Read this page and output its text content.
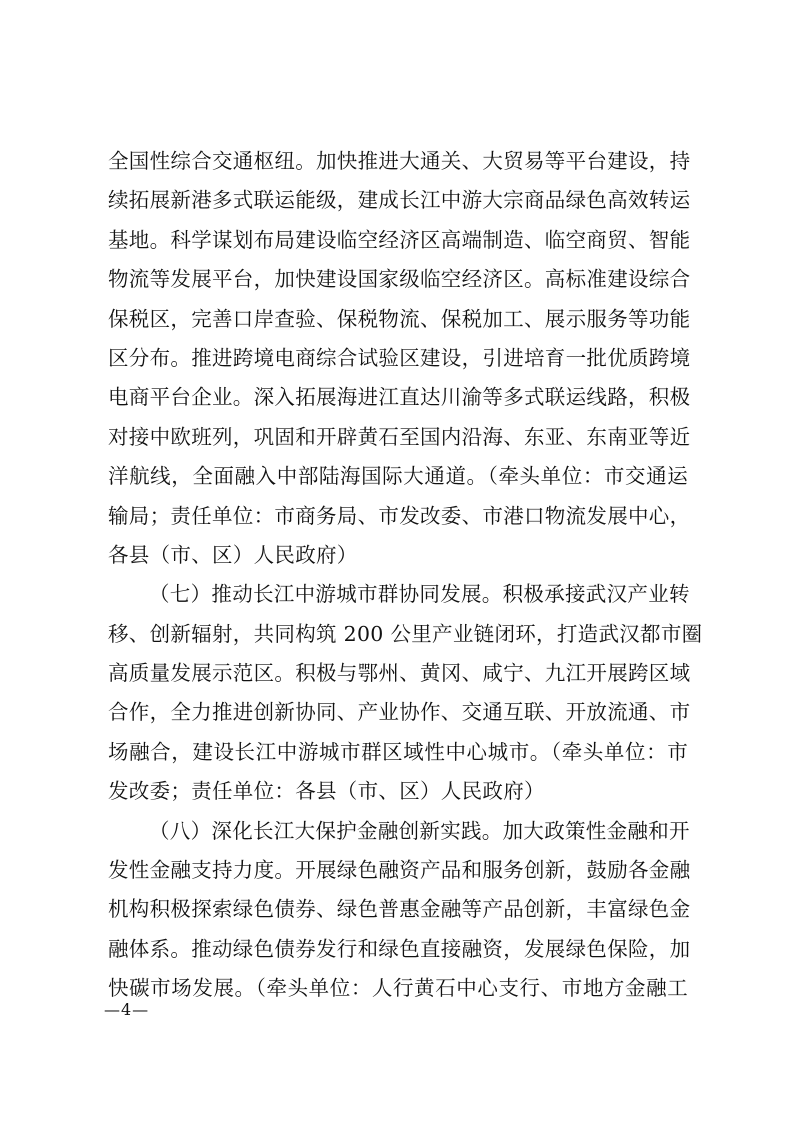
全国性综合交通枢纽。加快推进大通关、大贸易等平台建设，持
续拓展新港多式联运能级，建成长江中游大宗商品绿色高效转运
基地。科学谋划布局建设临空经济区高端制造、临空商贸、智能
物流等发展平台，加快建设国家级临空经济区。高标准建设综合
保税区，完善口岸查验、保税物流、保税加工、展示服务等功能
区分布。推进跨境电商综合试验区建设，引进培育一批优质跨境
电商平台企业。深入拓展海进江直达川渝等多式联运线路，积极
对接中欧班列，巩固和开辟黄石至国内沿海、东亚、东南亚等近
洋航线，全面融入中部陆海国际大通道。（牵头单位：市交通运
输局；责任单位：市商务局、市发改委、市港口物流发展中心，
各县（市、区）人民政府）
（七）推动长江中游城市群协同发展。积极承接武汉产业转
移、创新辐射，共同构筑 200 公里产业链闭环，打造武汉都市圈
高质量发展示范区。积极与鄂州、黄冈、咸宁、九江开展跨区域
合作，全力推进创新协同、产业协作、交通互联、开放流通、市
场融合，建设长江中游城市群区域性中心城市。（牵头单位：市
发改委；责任单位：各县（市、区）人民政府）
（八）深化长江大保护金融创新实践。加大政策性金融和开
发性金融支持力度。开展绿色融资产品和服务创新，鼓励各金融
机构积极探索绿色债券、绿色普惠金融等产品创新，丰富绿色金
融体系。推动绿色债券发行和绿色直接融资，发展绿色保险，加
快碳市场发展。（牵头单位：人行黄石中心支行、市地方金融工
—4—
